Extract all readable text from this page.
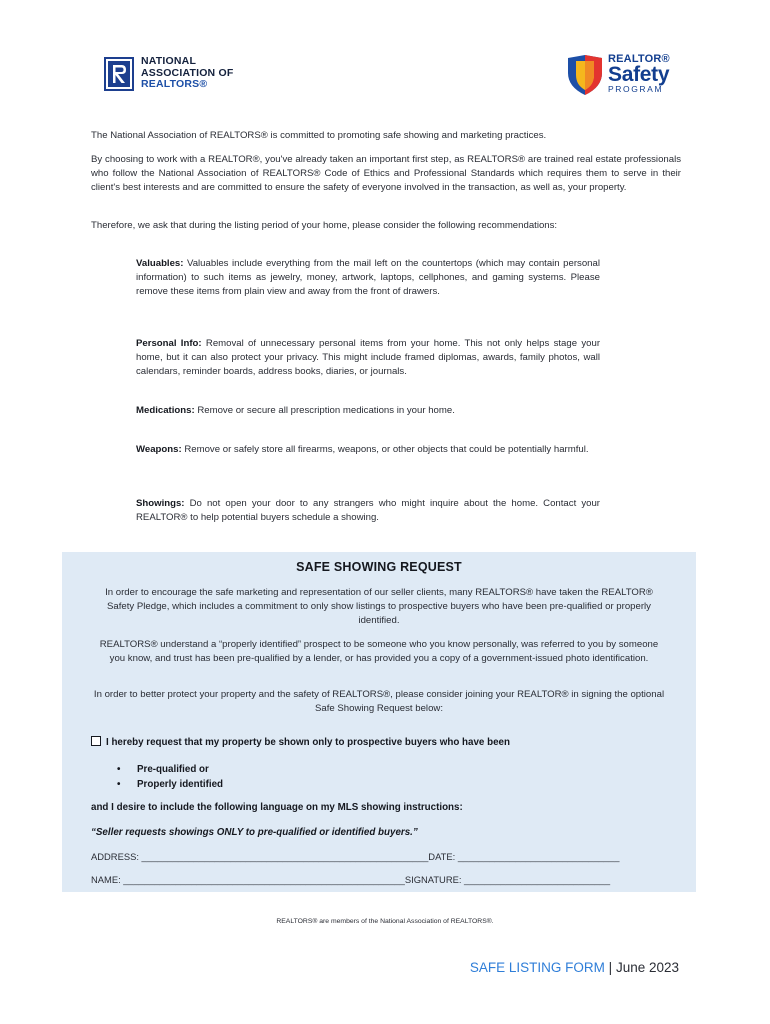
NATIONAL
ASSOCIATION OF
REALTORS®
REALTOR®
Safety
PROGRAM

The National Association of REALTORS® is committed to promoting safe showing and marketing practices.

By choosing to work with a REALTOR®, you've already taken an important first step, as REALTORS® are trained real estate professionals who follow the National Association of REALTORS® Code of Ethics and Professional Standards which requires them to serve in their client's best interests and are committed to ensure the safety of everyone involved in the transaction, as well as, your property.

Therefore, we ask that during the listing period of your home, please consider the following recommendations:

Valuables: Valuables include everything from the mail left on the countertops (which may contain personal information) to such items as jewelry, money, artwork, laptops, cellphones, and gaming systems. Please remove these items from plain view and away from the front of drawers.

Personal Info: Removal of unnecessary personal items from your home. This not only helps stage your home, but it can also protect your privacy. This might include framed diplomas, awards, family photos, wall calendars, reminder boards, address books, diaries, or journals.

Medications: Remove or secure all prescription medications in your home.

Weapons: Remove or safely store all firearms, weapons, or other objects that could be potentially harmful.

Showings: Do not open your door to any strangers who might inquire about the home. Contact your REALTOR® to help potential buyers schedule a showing.

SAFE SHOWING REQUEST

In order to encourage the safe marketing and representation of our seller clients, many REALTORS® have taken the REALTOR® Safety Pledge, which includes a commitment to only show listings to prospective buyers who have been pre-qualified or properly identified.

REALTORS® understand a “properly identified” prospect to be someone who you know personally, was referred to you by someone you know, and trust has been pre-qualified by a lender, or has provided you a copy of a government-issued photo identification.

In order to better protect your property and the safety of REALTORS®, please consider joining your REALTOR® in signing the optional Safe Showing Request below:

I hereby request that my property be shown only to prospective buyers who have been
• Pre-qualified or
• Properly identified
and I desire to include the following language on my MLS showing instructions:
“Seller requests showings ONLY to pre-qualified or identified buyers.”
ADDRESS: _______________________________________________________DATE: _______________________________
NAME: ______________________________________________________SIGNATURE: ____________________________
REALTORS® are members of the National Association of REALTORS®.
SAFE LISTING FORM | June 2023
